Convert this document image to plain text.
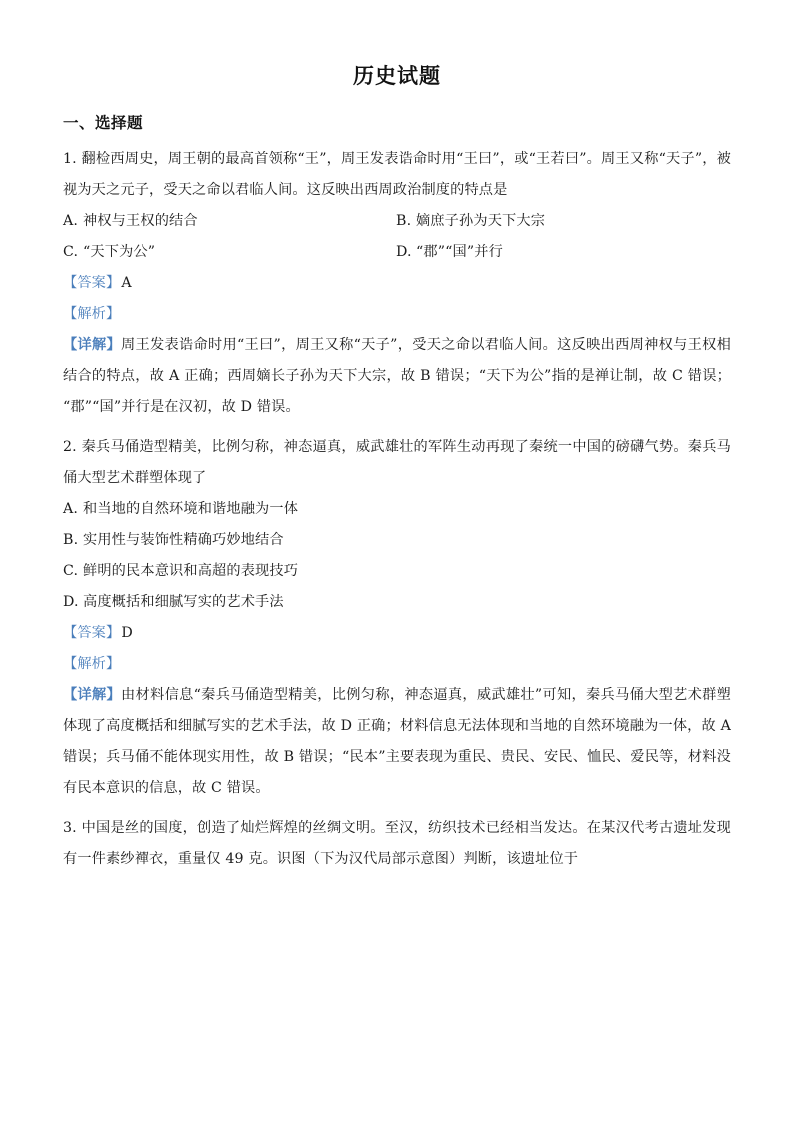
历史试题
一、选择题
1. 翻检西周史，周王朝的最高首领称“王”，周王发表诰命时用“王曰”，或“王若曰”。周王又称“天子”，被视为天之元子，受天之命以君临人间。这反映出西周政治制度的特点是
A. 神权与王权的结合	B. 嫡庶子孙为天下大宗
C. “天下为公”	D. “郡”“国”并行
【答案】A
【解析】
【详解】周王发表诰命时用“王曰”，周王又称“天子”，受天之命以君临人间。这反映出西周神权与王权相结合的特点，故 A 正确；西周嫡长子孙为天下大宗，故 B 错误；“天下为公”指的是禅让制，故 C 错误；“郡”“国”并行是在汉初，故 D 错误。
2. 秦兵马俑造型精美，比例匀称，神态逼真，威武雄壮的军阵生动再现了秦统一中国的磅礴气势。秦兵马俑大型艺术群塑体现了
A. 和当地的自然环境和谐地融为一体
B. 实用性与装饰性精确巧妙地结合
C. 鲜明的民本意识和高超的表现技巧
D. 高度概括和细腻写实的艺术手法
【答案】D
【解析】
【详解】由材料信息“秦兵马俑造型精美，比例匀称，神态逼真，威武雄壮”可知，秦兵马俑大型艺术群塑体现了高度概括和细腻写实的艺术手法，故 D 正确；材料信息无法体现和当地的自然环境融为一体，故 A 错误；兵马俑不能体现实用性，故 B 错误；“民本”主要表现为重民、贵民、安民、恤民、爱民等，材料没有民本意识的信息，故 C 错误。
3. 中国是丝的国度，创造了灿烂辉煌的丝绸文明。至汉，纺织技术已经相当发达。在某汉代考古遗址发现有一件素纱襌衣，重量仅 49 克。识图（下为汉代局部示意图）判断，该遗址位于
